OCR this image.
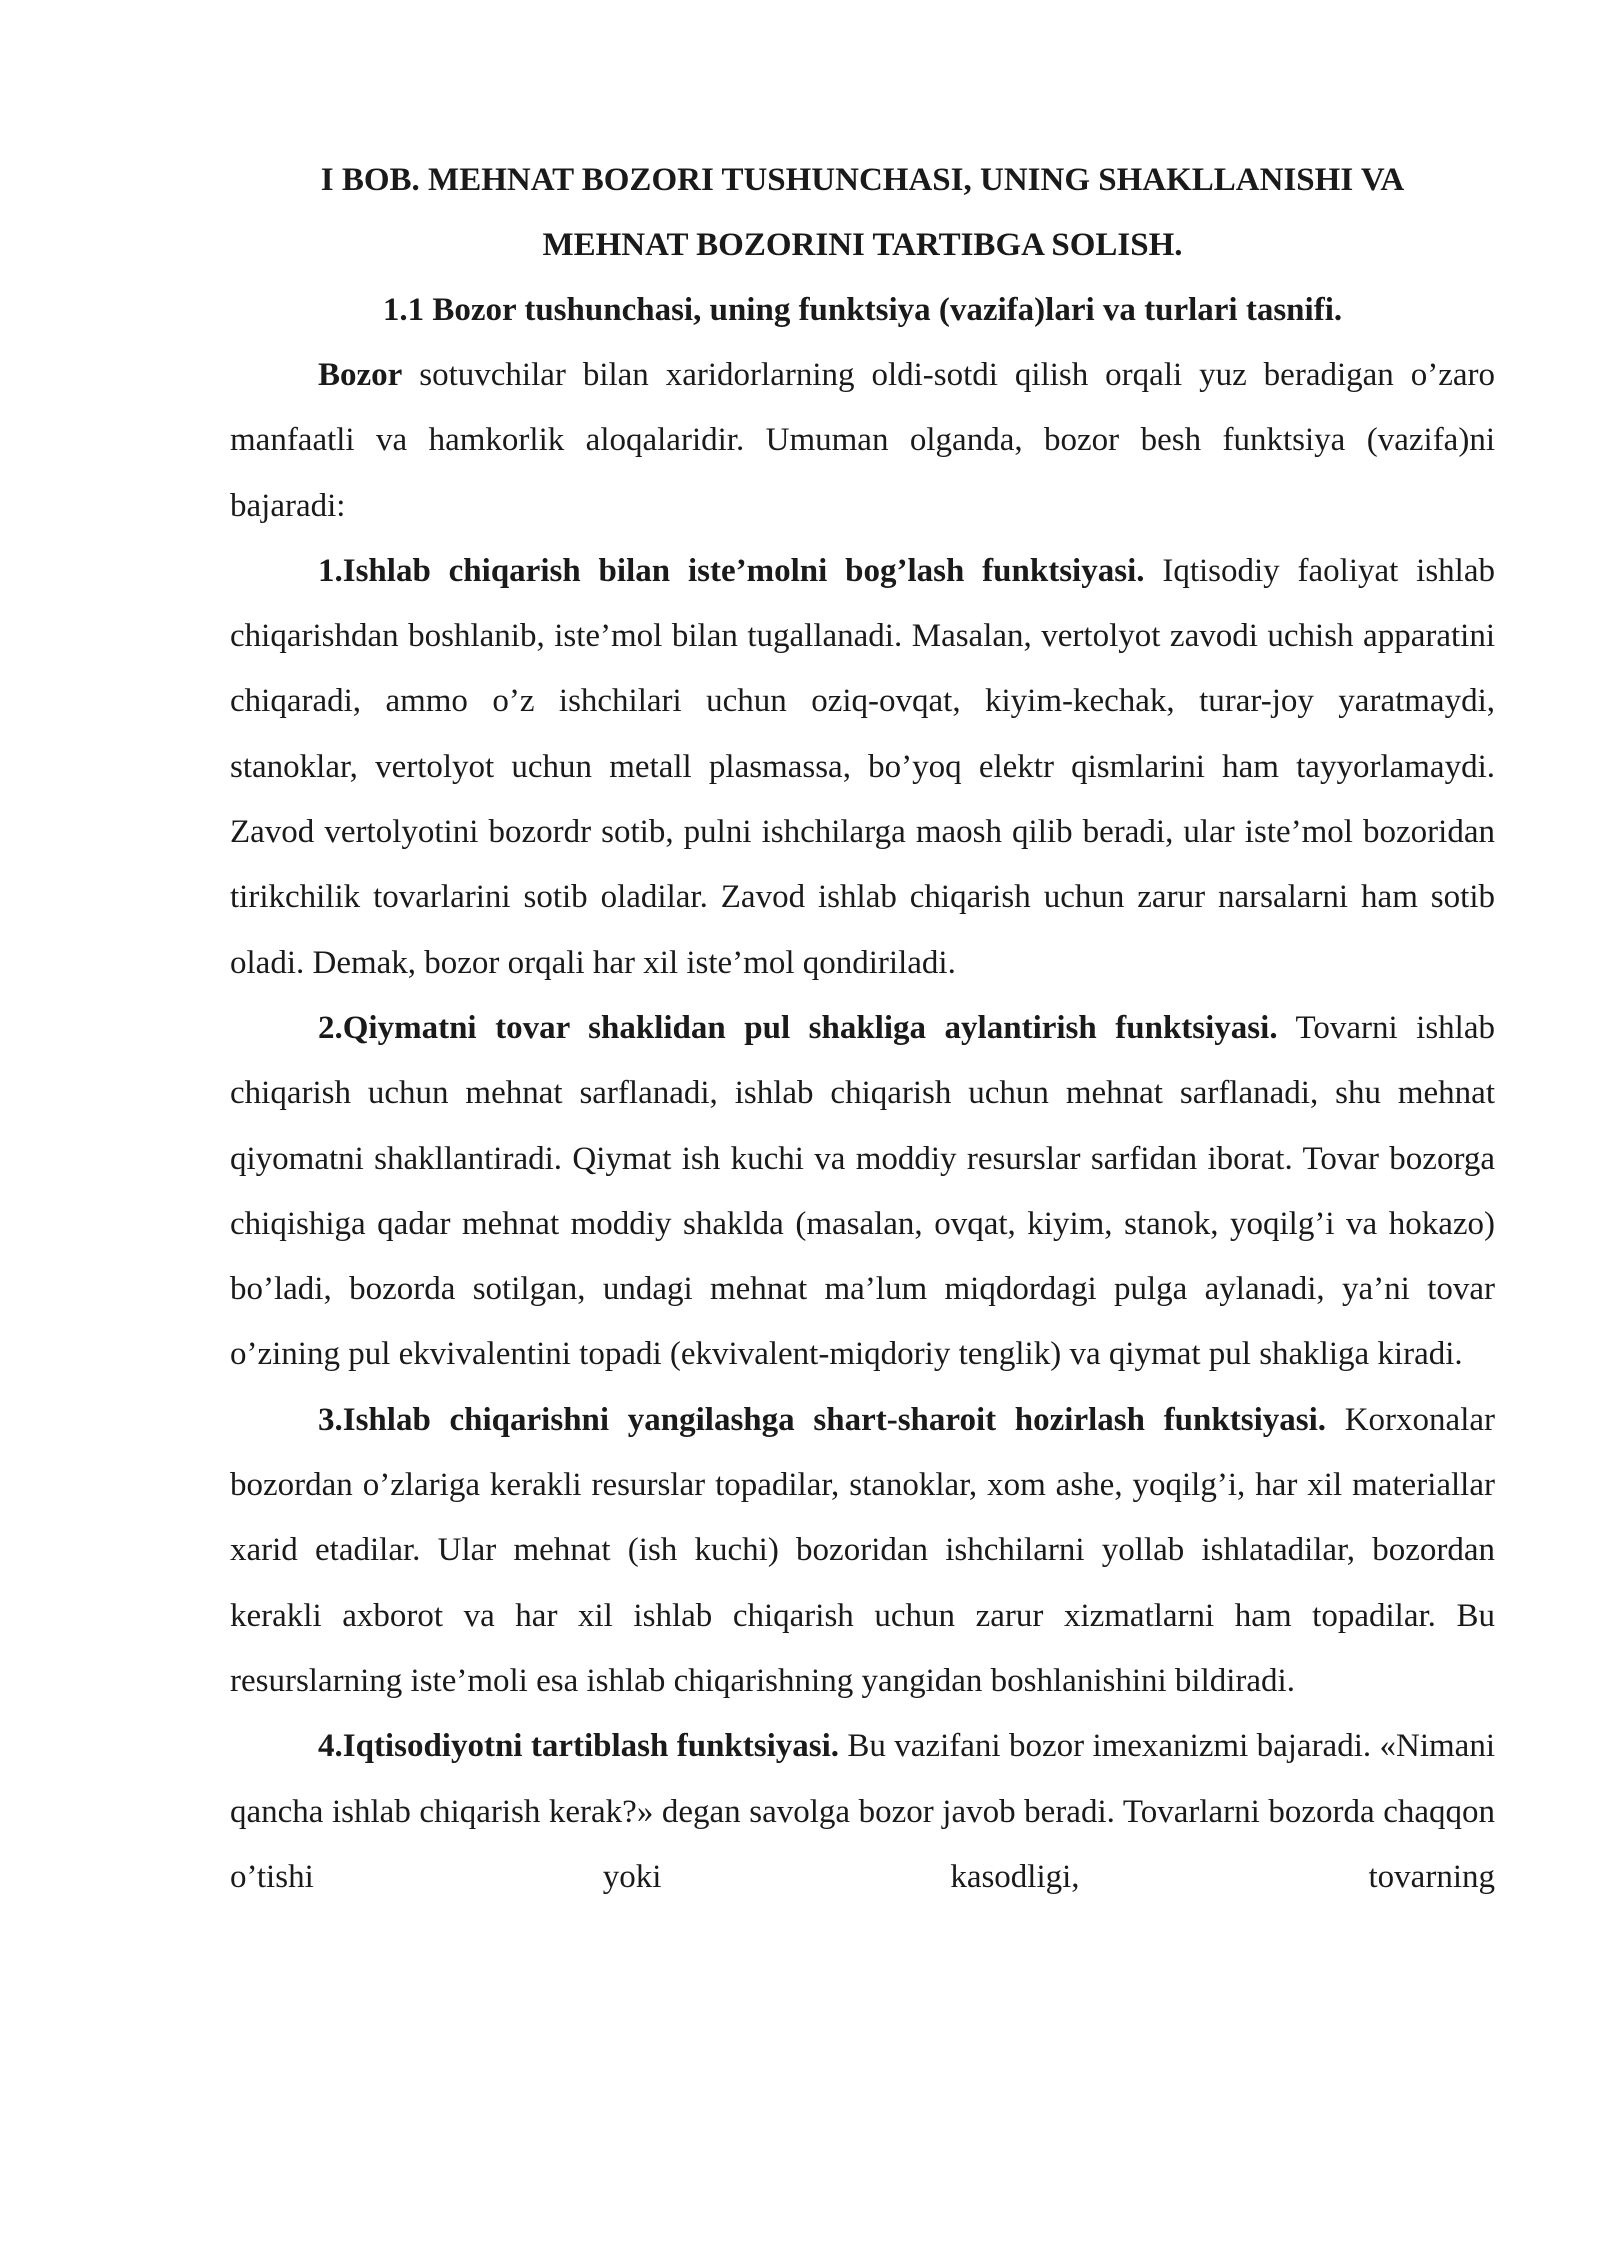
I BOB. MEHNAT BOZORI TUSHUNCHASI, UNING SHAKLLANISHI VA
MEHNAT BOZORINI TARTIBGA SOLISH.
1.1 Bozor tushunchasi, uning funktsiya (vazifa)lari va turlari tasnifi.

Bozor sotuvchilar bilan xaridorlarning oldi-sotdi qilish orqali yuz beradigan o’zaro manfaatli va hamkorlik aloqalaridir. Umuman olganda, bozor besh funktsiya (vazifa)ni bajaradi:

1.Ishlab chiqarish bilan iste’molni bog’lash funktsiyasi. Iqtisodiy faoliyat ishlab chiqarishdan boshlanib, iste’mol bilan tugallanadi. Masalan, vertolyot zavodi uchish apparatini chiqaradi, ammo o’z ishchilari uchun oziq-ovqat, kiyim-kechak, turar-joy yaratmaydi, stanoklar, vertolyot uchun metall plasmassa, bo’yoq elektr qismlarini ham tayyorlamaydi. Zavod vertolyotini bozordr sotib, pulni ishchilarga maosh qilib beradi, ular iste’mol bozoridan tirikchilik tovarlarini sotib oladilar. Zavod ishlab chiqarish uchun zarur narsalarni ham sotib oladi. Demak, bozor orqali har xil iste’mol qondiriladi.

2.Qiymatni tovar shaklidan pul shakliga aylantirish funktsiyasi. Tovarni ishlab chiqarish uchun mehnat sarflanadi, ishlab chiqarish uchun mehnat sarflanadi, shu mehnat qiyomatni shakllantiradi. Qiymat ish kuchi va moddiy resurslar sarfidan iborat. Tovar bozorga chiqishiga qadar mehnat moddiy shaklda (masalan, ovqat, kiyim, stanok, yoqilg’i va hokazo) bo’ladi, bozorda sotilgan, undagi mehnat ma’lum miqdordagi pulga aylanadi, ya’ni tovar o’zining pul ekvivalentini topadi (ekvivalent-miqdoriy tenglik) va qiymat pul shakliga kiradi.

3.Ishlab chiqarishni yangilashga shart-sharoit hozirlash funktsiyasi. Korxonalar bozordan o’zlariga kerakli resurslar topadilar, stanoklar, xom ashe, yoqilg’i, har xil materiallar xarid etadilar. Ular mehnat (ish kuchi) bozoridan ishchilarni yollab ishlatadilar, bozordan kerakli axborot va har xil ishlab chiqarish uchun zarur xizmatlarni ham topadilar. Bu resurslarning iste’moli esa ishlab chiqarishning yangidan boshlanishini bildiradi.

4.Iqtisodiyotni tartiblash funktsiyasi. Bu vazifani bozor imexanizmi bajaradi. «Nimani qancha ishlab chiqarish kerak?» degan savolga bozor javob beradi. Tovarlarni bozorda chaqqon o’tishi yoki kasodligi, tovarning
